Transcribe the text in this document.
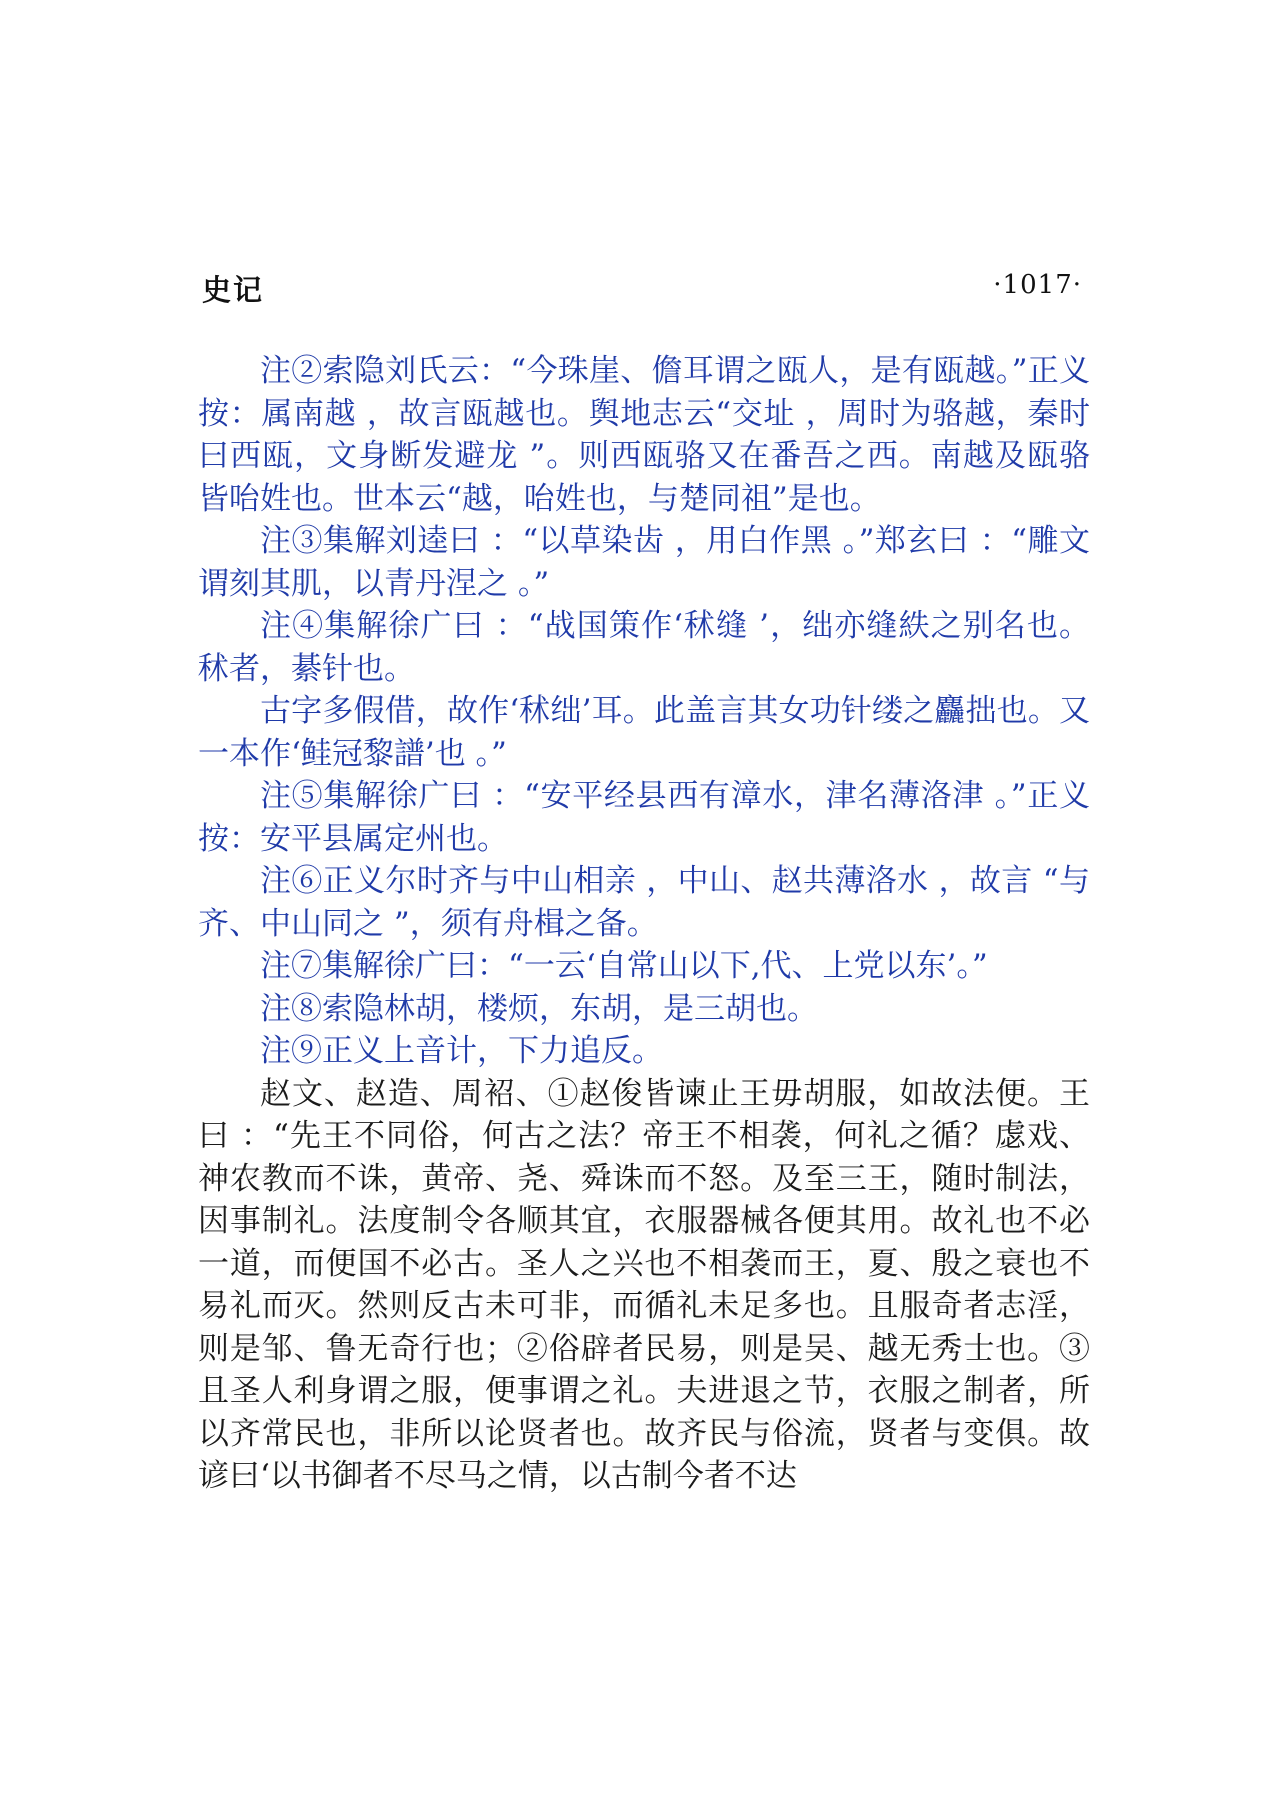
史记	·1017·

注②索隐刘氏云：“今珠崖、儋耳谓之瓯人，是有瓯越。”正义按：属南越 ，故言瓯越也。舆地志云“交址 ，周时为骆越，秦时曰西瓯，文身断发避龙 ”。则西瓯骆又在番吾之西。南越及瓯骆皆咍姓也。世本云“越，咍姓也，与楚同祖”是也。

注③集解刘逵曰 ：“以草染齿 ，用白作黑 。”郑玄曰 ：“雕文谓刻其肌，以青丹涅之 。”

注④集解徐广曰 ：“战国策作‘秫缝 ’，绌亦缝紩之别名也。秫者，綦针也。

古字多假借，故作‘秫绌’耳。此盖言其女功针缕之麤拙也。又一本作‘鲑冠黎譜’也 。”

注⑤集解徐广曰 ：“安平经县西有漳水，津名薄洛津 。”正义按：安平县属定州也。

注⑥正义尔时齐与中山相亲 ，中山、赵共薄洛水 ，故言 “与齐、中山同之 ”，须有舟楫之备。

注⑦集解徐广曰：“一云‘自常山以下,代、上党以东’。”

注⑧索隐林胡，楼烦，东胡，是三胡也。

注⑨正义上音计，下力追反。

赵文、赵造、周袑、①赵俊皆谏止王毋胡服，如故法便。王曰 ：“先王不同俗，何古之法？帝王不相袭，何礼之循？虙戏、神农教而不诛，黄帝、尧、舜诛而不怒。及至三王，随时制法，因事制礼。法度制令各顺其宜，衣服器械各便其用。故礼也不必一道，而便国不必古。圣人之兴也不相袭而王，夏、殷之衰也不易礼而灭。然则反古未可非，而循礼未足多也。且服奇者志淫，则是邹、鲁无奇行也；②俗辟者民易，则是吴、越无秀士也。③且圣人利身谓之服，便事谓之礼。夫进退之节，衣服之制者，所以齐常民也，非所以论贤者也。故齐民与俗流，贤者与变俱。故谚曰‘以书御者不尽马之情，以古制今者不达
